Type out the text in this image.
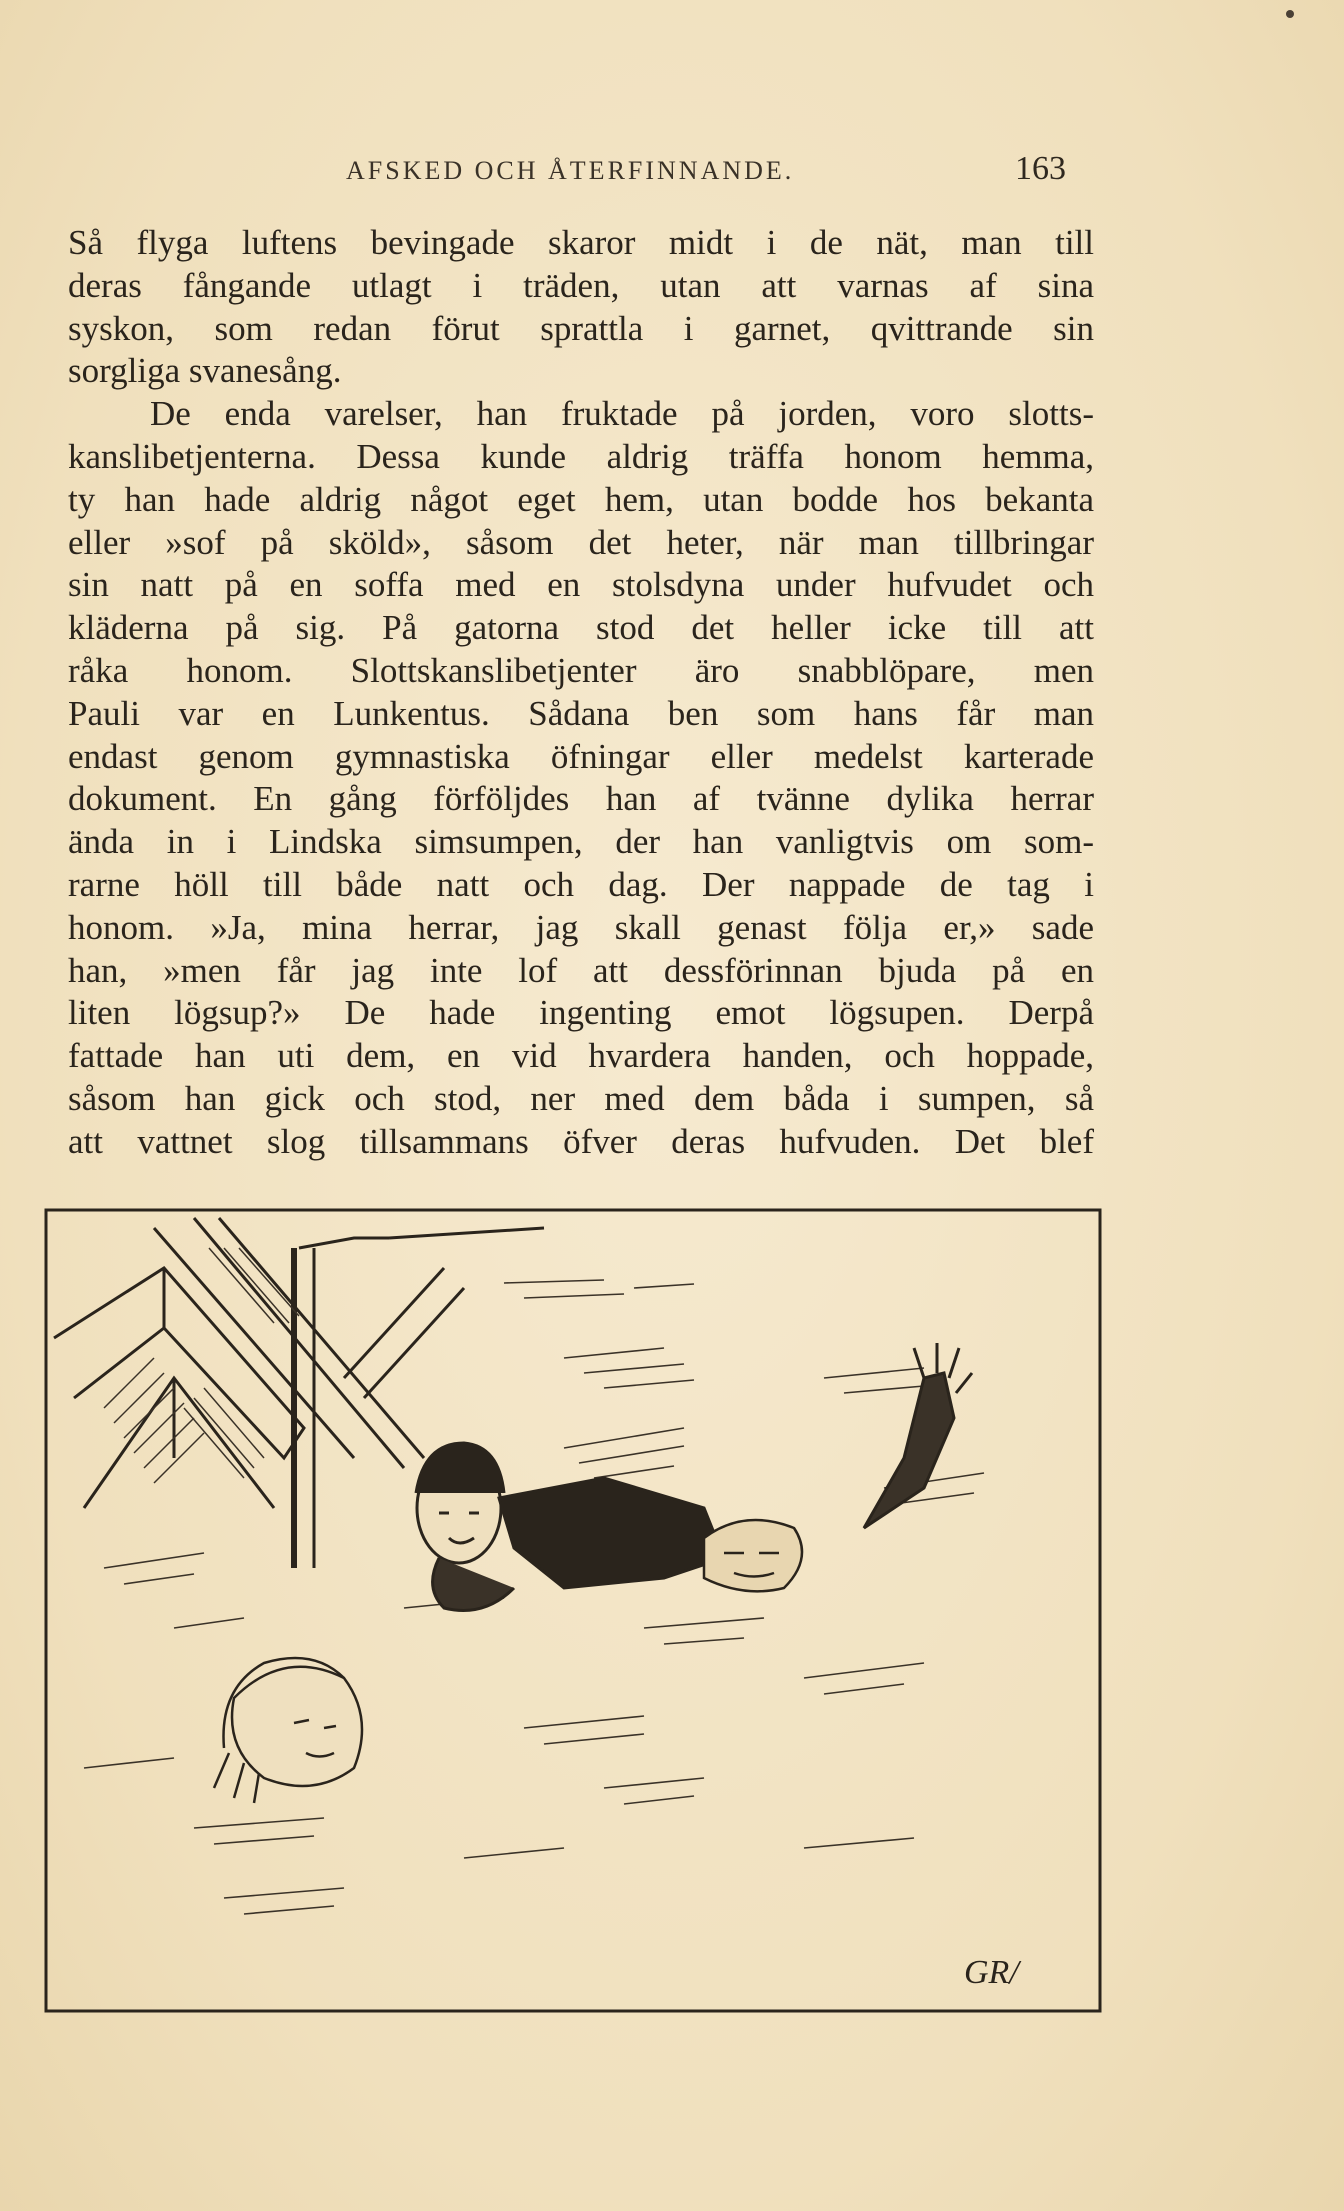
AFSKED OCH ÅTERFINNANDE.	163
Så flyga luftens bevingade skaror midt i de nät, man till
deras fångande utlagt i träden, utan att varnas af sina
syskon, som redan förut sprattla i garnet, qvittrande sin
sorgliga svanesång.
De enda varelser, han fruktade på jorden, voro slotts-
kanslibetjenterna. Dessa kunde aldrig träffa honom hemma,
ty han hade aldrig något eget hem, utan bodde hos bekanta
eller »sof på sköld», såsom det heter, när man tillbringar
sin natt på en soffa med en stolsdyna under hufvudet och
kläderna på sig. På gatorna stod det heller icke till att
råka honom. Slottskanslibetjenter äro snabblöpare, men
Pauli var en Lunkentus. Sådana ben som hans får man
endast genom gymnastiska öfningar eller medelst karterade
dokument. En gång förföljdes han af tvänne dylika herrar
ända in i Lindska simsumpen, der han vanligtvis om som-
rarne höll till både natt och dag. Der nappade de tag i
honom. »Ja, mina herrar, jag skall genast följa er,» sade
han, »men får jag inte lof att dessförinnan bjuda på en
liten lögsup?» De hade ingenting emot lögsupen. Derpå
fattade han uti dem, en vid hvardera handen, och hoppade,
såsom han gick och stod, ner med dem båda i sumpen, så
att vattnet slog tillsammans öfver deras hufvuden. Det blef
GR/
